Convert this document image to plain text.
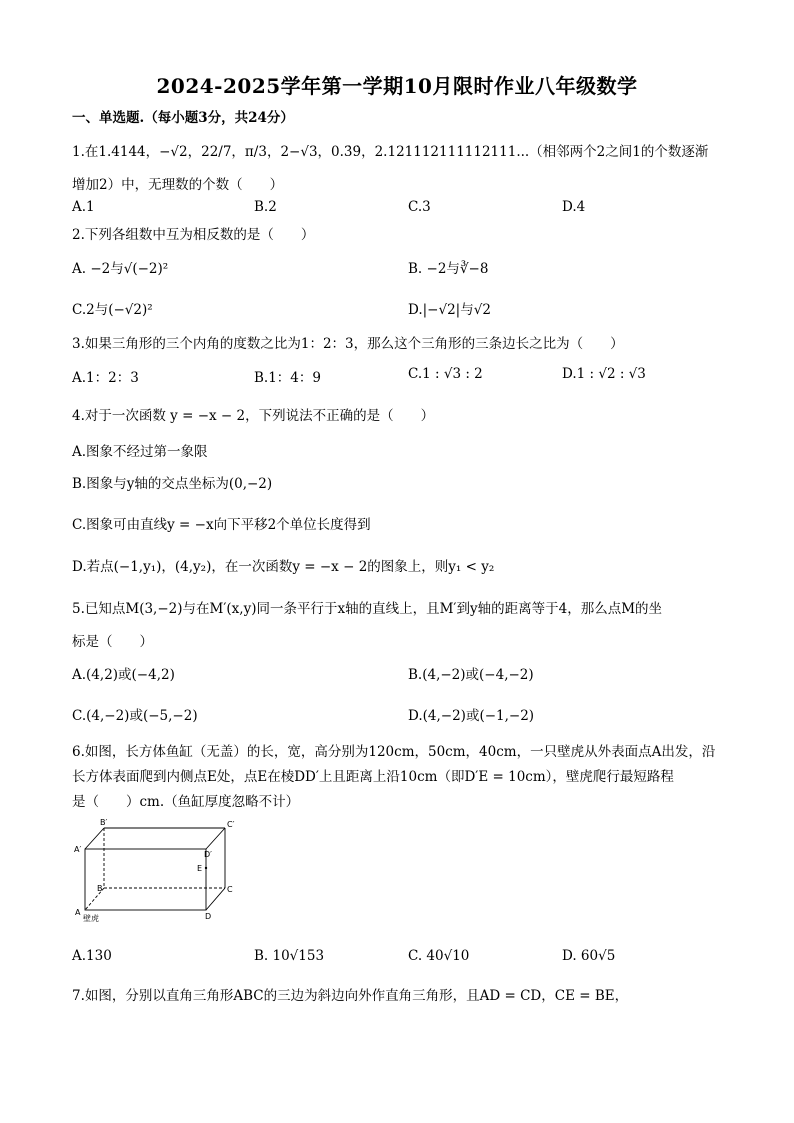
2024-2025学年第一学期10月限时作业八年级数学
一、单选题.（每小题3分，共24分）
1.在1.4144，−√2，22/7，π/3，2−√3，0.3̇9̇，2.121112111112111...（相邻两个2之间1的个数逐渐
增加2）中，无理数的个数（　　）
A.1	B.2	C.3	D.4
2.下列各组数中互为相反数的是（　　）
A. −2与√(−2)²	B. −2与∛−8
C.2与(−√2)²	D.|−√2|与√2
3.如果三角形的三个内角的度数之比为1：2：3，那么这个三角形的三条边长之比为（　　）
A.1：2：3	B.1：4：9	C.1 : √3 : 2	D.1 : √2 : √3
4.对于一次函数 y = −x − 2，下列说法不正确的是（　　）
A.图象不经过第一象限
B.图象与y轴的交点坐标为(0,−2)
C.图象可由直线y = −x向下平移2个单位长度得到
D.若点(−1,y₁)，(4,y₂)，在一次函数y = −x − 2的图象上，则y₁ < y₂
5.已知点M(3,−2)与在M′(x,y)同一条平行于x轴的直线上，且M′到y轴的距离等于4，那么点M的坐
标是（　　）
A.(4,2)或(−4,2)	B.(4,−2)或(−4,−2)
C.(4,−2)或(−5,−2)	D.(4,−2)或(−1,−2)
6.如图，长方体鱼缸（无盖）的长，宽，高分别为120cm，50cm，40cm，一只壁虎从外表面点A出发，沿
长方体表面爬到内侧点E处，点E在棱DD′上且距离上沿10cm（即D′E = 10cm），壁虎爬行最短路程
是（　　）cm.（鱼缸厚度忽略不计）
B′	C′
A′
D′
E
B	C
A	D
壁虎
A.130	B. 10√153	C. 40√10	D. 60√5
7.如图，分别以直角三角形ABC的三边为斜边向外作直角三角形，且AD = CD，CE = BE，
